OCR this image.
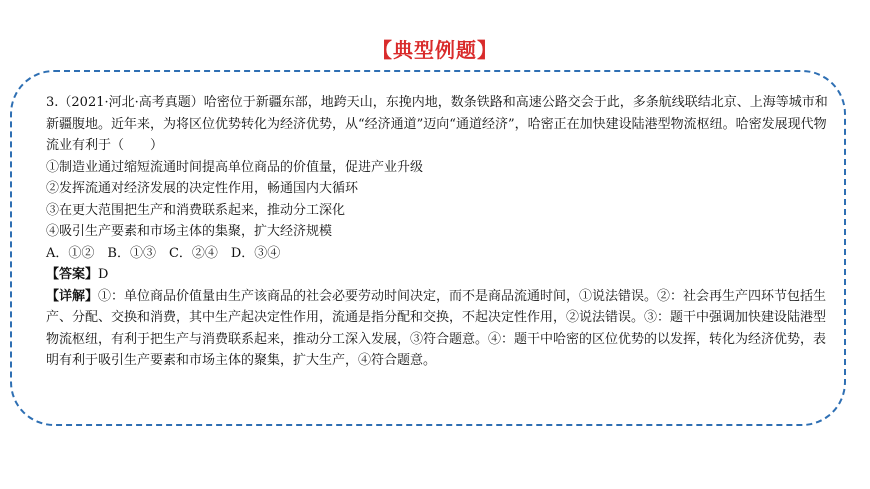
【典型例题】

3.（2021·河北·高考真题）哈密位于新疆东部，地跨天山，东挽内地，数条铁路和高速公路交会于此，多条航线联结北京、上海等城市和新疆腹地。近年来，为将区位优势转化为经济优势，从“经济通道”迈向“通道经济”，哈密正在加快建设陆港型物流枢纽。哈密发展现代物流业有利于（　　）

①制造业通过缩短流通时间提高单位商品的价值量，促进产业升级

②发挥流通对经济发展的决定性作用，畅通国内大循环

③在更大范围把生产和消费联系起来，推动分工深化

④吸引生产要素和市场主体的集聚，扩大经济规模

A．①②　B．①③　C．②④　D．③④

【答案】D

【详解】①：单位商品价值量由生产该商品的社会必要劳动时间决定，而不是商品流通时间，①说法错误。②：社会再生产四环节包括生产、分配、交换和消费，其中生产起决定性作用，流通是指分配和交换，不起决定性作用，②说法错误。③：题干中强调加快建设陆港型物流枢纽，有利于把生产与消费联系起来，推动分工深入发展，③符合题意。④：题干中哈密的区位优势的以发挥，转化为经济优势，表明有利于吸引生产要素和市场主体的聚集，扩大生产，④符合题意。
